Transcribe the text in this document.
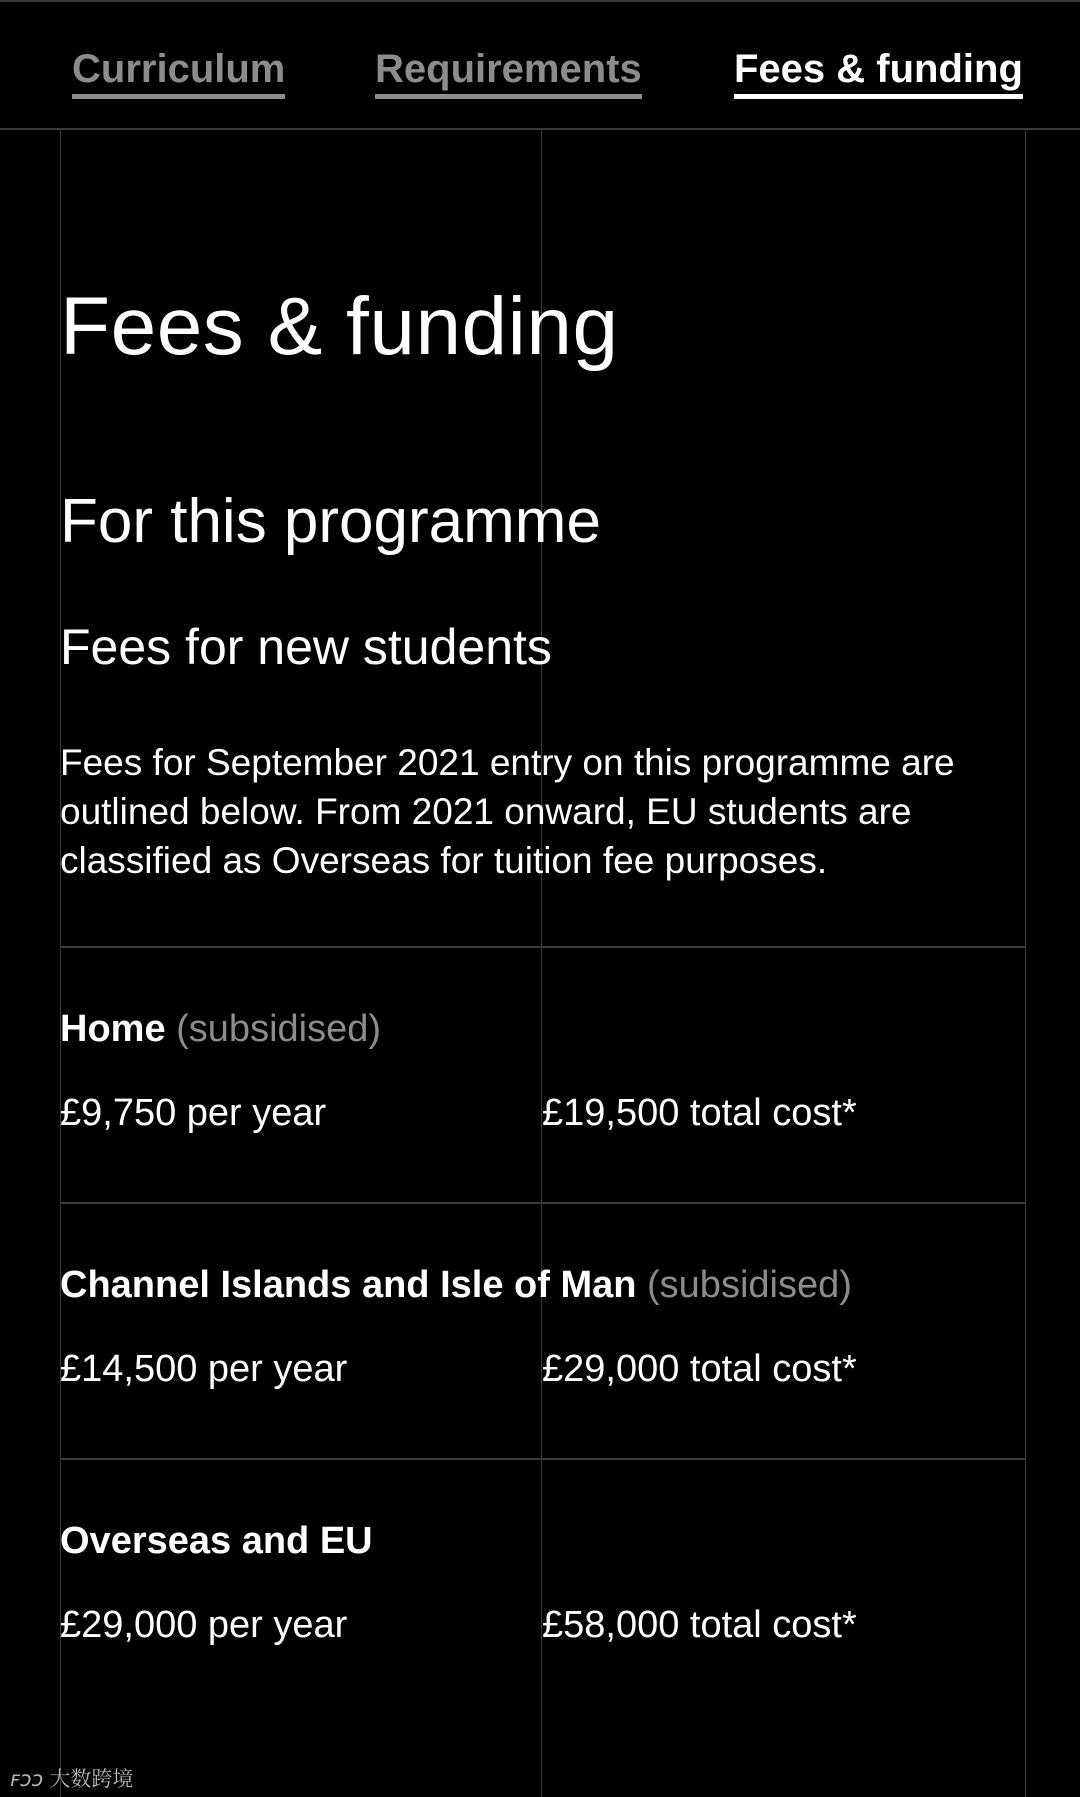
Curriculum Requirements Fees & funding
Fees & funding
For this programme
Fees for new students

Fees for September 2021 entry on this programme are outlined below. From 2021 onward, EU students are classified as Overseas for tuition fee purposes.

Home (subsidised)
£9,750 per year	£19,500 total cost*
Channel Islands and Isle of Man (subsidised)
£14,500 per year	£29,000 total cost*
Overseas and EU
£29,000 per year	£58,000 total cost*
ꜰɔɔ 大数跨境
